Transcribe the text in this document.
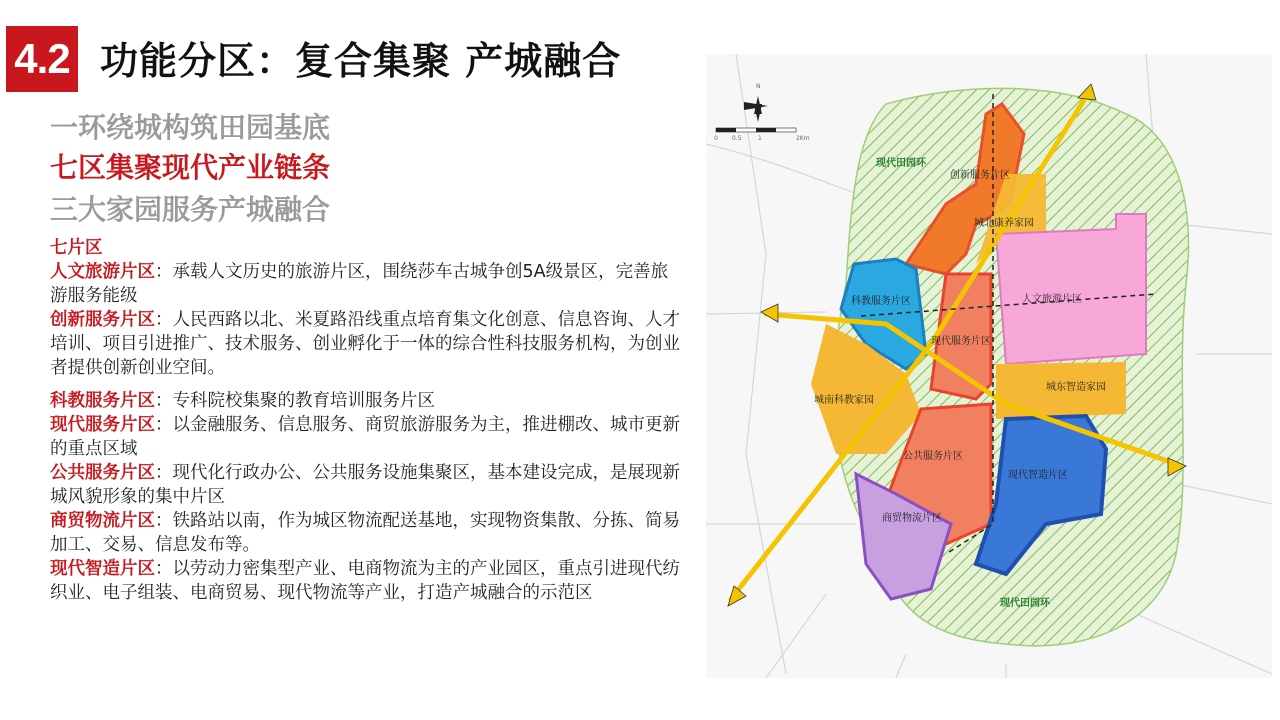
4.2 功能分区：复合集聚 产城融合
一环绕城构筑田园基底
七区集聚现代产业链条
三大家园服务产城融合

七片区

人文旅游片区：承载人文历史的旅游片区，围绕莎车古城争创5A级景区，完善旅游服务能级

创新服务片区：人民西路以北、米夏路沿线重点培育集文化创意、信息咨询、人才培训、项目引进推广、技术服务、创业孵化于一体的综合性科技服务机构，为创业者提供创新创业空间。

科教服务片区：专科院校集聚的教育培训服务片区

现代服务片区：以金融服务、信息服务、商贸旅游服务为主，推进棚改、城市更新的重点区域

公共服务片区：现代化行政办公、公共服务设施集聚区，基本建设完成，是展现新城风貌形象的集中片区

商贸物流片区：铁路站以南，作为城区物流配送基地，实现物资集散、分拣、简易加工、交易、信息发布等。

现代智造片区：以劳动力密集型产业、电商物流为主的产业园区，重点引进现代纺织业、电子组装、电商贸易、现代物流等产业，打造产城融合的示范区

N
0 0.5	1	2Km
现代田园环
现代田园环
创新服务片区
城北康养家园
科教服务片区	人文旅游片区
现代服务片区
城东智造家园
城南科教家园
公共服务片区
现代智造片区
商贸物流片区
